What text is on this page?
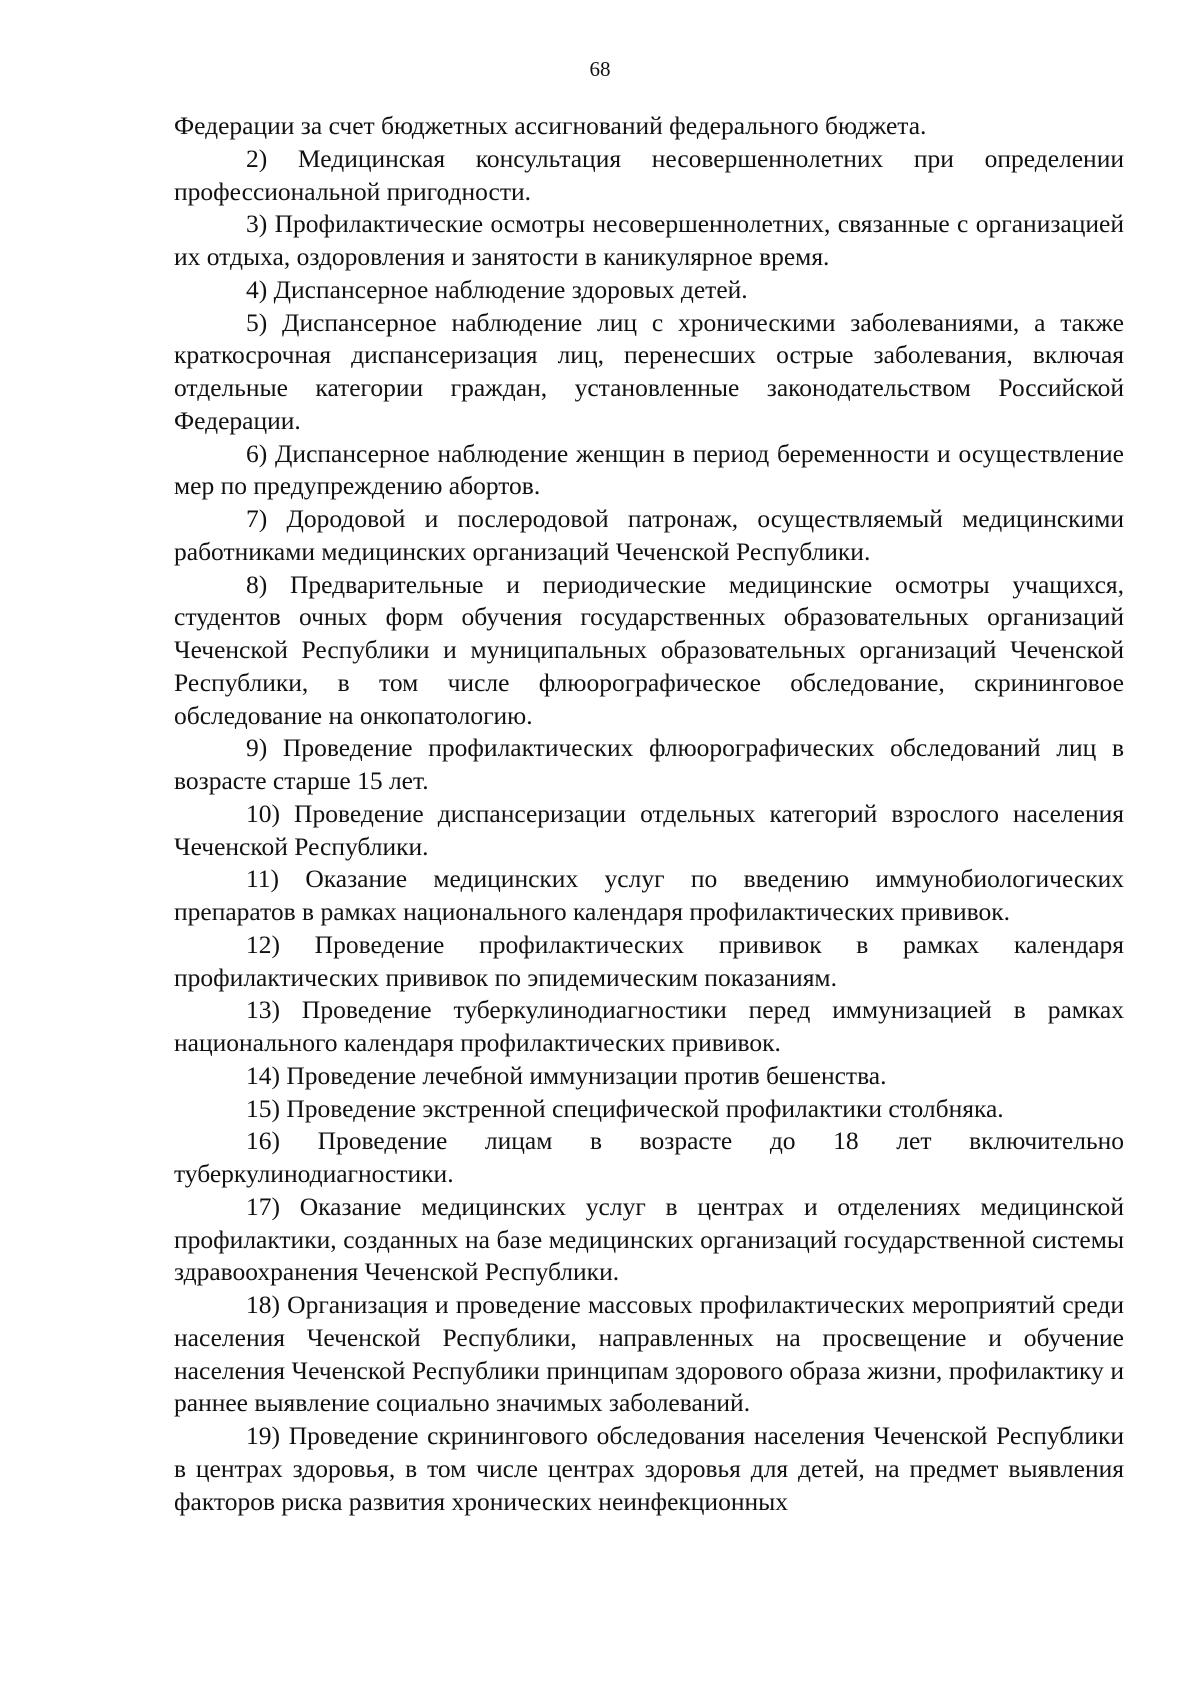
68

Федерации за счет бюджетных ассигнований федерального бюджета.

2) Медицинская консультация несовершеннолетних при определении профессиональной пригодности.

3) Профилактические осмотры несовершеннолетних, связанные с организацией их отдыха, оздоровления и занятости в каникулярное время.

4) Диспансерное наблюдение здоровых детей.

5) Диспансерное наблюдение лиц с хроническими заболеваниями, а также краткосрочная диспансеризация лиц, перенесших острые заболевания, включая отдельные категории граждан, установленные законодательством Российской Федерации.

6) Диспансерное наблюдение женщин в период беременности и осуществление мер по предупреждению абортов.

7) Дородовой и послеродовой патронаж, осуществляемый медицинскими работниками медицинских организаций Чеченской Республики.

8) Предварительные и периодические медицинские осмотры учащихся, студентов очных форм обучения государственных образовательных организаций Чеченской Республики и муниципальных образовательных организаций Чеченской Республики, в том числе флюорографическое обследование, скрининговое обследование на онкопатологию.

9) Проведение профилактических флюорографических обследований лиц в возрасте старше 15 лет.

10) Проведение диспансеризации отдельных категорий взрослого населения Чеченской Республики.

11) Оказание медицинских услуг по введению иммунобиологических препаратов в рамках национального календаря профилактических прививок.

12) Проведение профилактических прививок в рамках календаря профилактических прививок по эпидемическим показаниям.

13) Проведение туберкулинодиагностики перед иммунизацией в рамках национального календаря профилактических прививок.

14) Проведение лечебной иммунизации против бешенства.

15) Проведение экстренной специфической профилактики столбняка.

16) Проведение лицам в возрасте до 18 лет включительно туберкулинодиагностики.

17) Оказание медицинских услуг в центрах и отделениях медицинской профилактики, созданных на базе медицинских организаций государственной системы здравоохранения Чеченской Республики.

18) Организация и проведение массовых профилактических мероприятий среди населения Чеченской Республики, направленных на просвещение и обучение населения Чеченской Республики принципам здорового образа жизни, профилактику и раннее выявление социально значимых заболеваний.

19) Проведение скринингового обследования населения Чеченской Республики в центрах здоровья, в том числе центрах здоровья для детей, на предмет выявления факторов риска развития хронических неинфекционных
